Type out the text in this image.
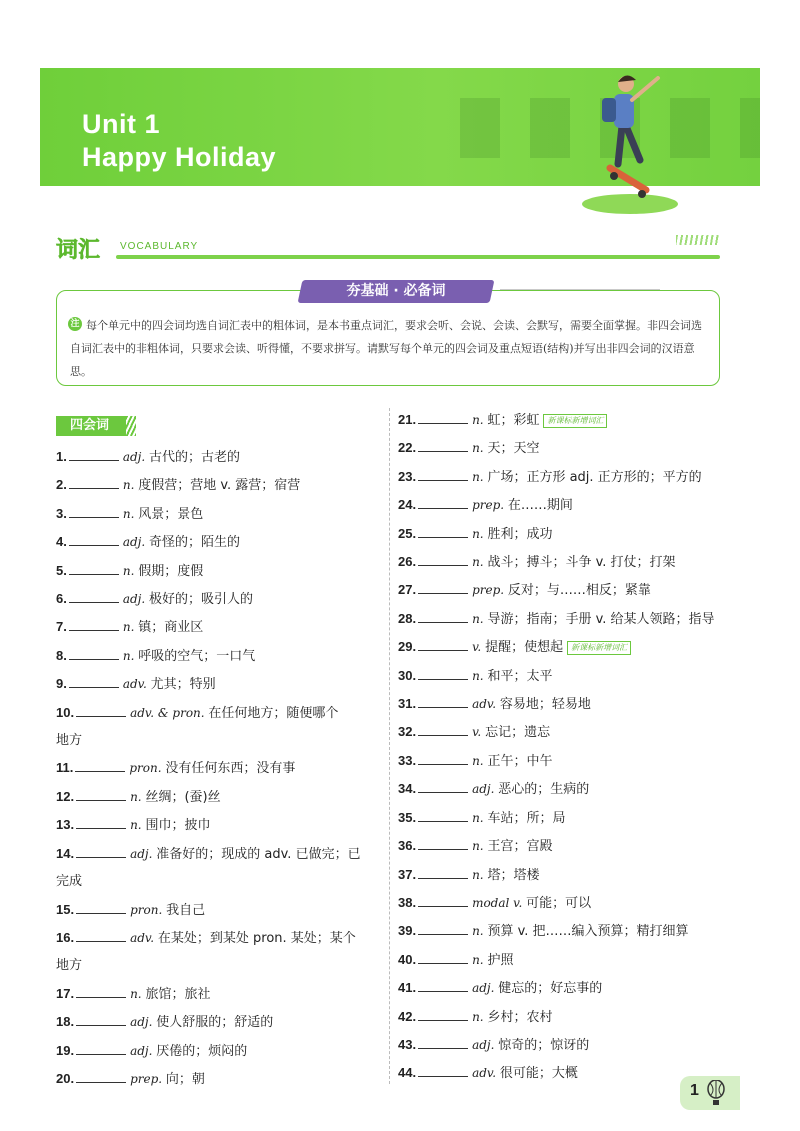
Unit 1
Happy Holiday
词汇 VOCABULARY
夯基础 · 必备词
注 每个单元中的四会词均选自词汇表中的粗体词，是本书重点词汇，要求会听、会说、会读、会默写，需要全面掌握。非四会词选自词汇表中的非粗体词，只要求会读、听得懂，不要求拼写。请默写每个单元的四会词及重点短语(结构)并写出非四会词的汉语意思。
四会词
1.	adj. 古代的；古老的
2.	n. 度假营；营地 v. 露营；宿营
3.	n. 风景；景色
4.	adj. 奇怪的；陌生的
5.	n. 假期；度假
6.	adj. 极好的；吸引人的
7.	n. 镇；商业区
8.	n. 呼吸的空气；一口气
9.	adv. 尤其；特别
10.	adv. & pron. 在任何地方；随便哪个
地方
11.	pron. 没有任何东西；没有事
12.	n. 丝绸；(蚕)丝
13.	n. 围巾；披巾
14.	adj. 准备好的；现成的 adv. 已做完；已
完成
15.	pron. 我自己
16.	adv. 在某处；到某处 pron. 某处；某个
地方
17.	n. 旅馆；旅社
18.	adj. 使人舒服的；舒适的
19.	adj. 厌倦的；烦闷的
20.	prep. 向；朝
21.	n. 虹；彩虹 新课标新增词汇
22.	n. 天；天空
23.	n. 广场；正方形 adj. 正方形的；平方的
24.	prep. 在……期间
25.	n. 胜利；成功
26.	n. 战斗；搏斗；斗争 v. 打仗；打架
27.	prep. 反对；与……相反；紧靠
28.	n. 导游；指南；手册 v. 给某人领路；指导
29.	v. 提醒；使想起 新课标新增词汇
30.	n. 和平；太平
31.	adv. 容易地；轻易地
32.	v. 忘记；遗忘
33.	n. 正午；中午
34.	adj. 恶心的；生病的
35.	n. 车站；所；局
36.	n. 王宫；宫殿
37.	n. 塔；塔楼
38.	modal v. 可能；可以
39.	n. 预算 v. 把……编入预算；精打细算
40.	n. 护照
41.	adj. 健忘的；好忘事的
42.	n. 乡村；农村
43.	adj. 惊奇的；惊讶的
44.	adv. 很可能；大概
1
